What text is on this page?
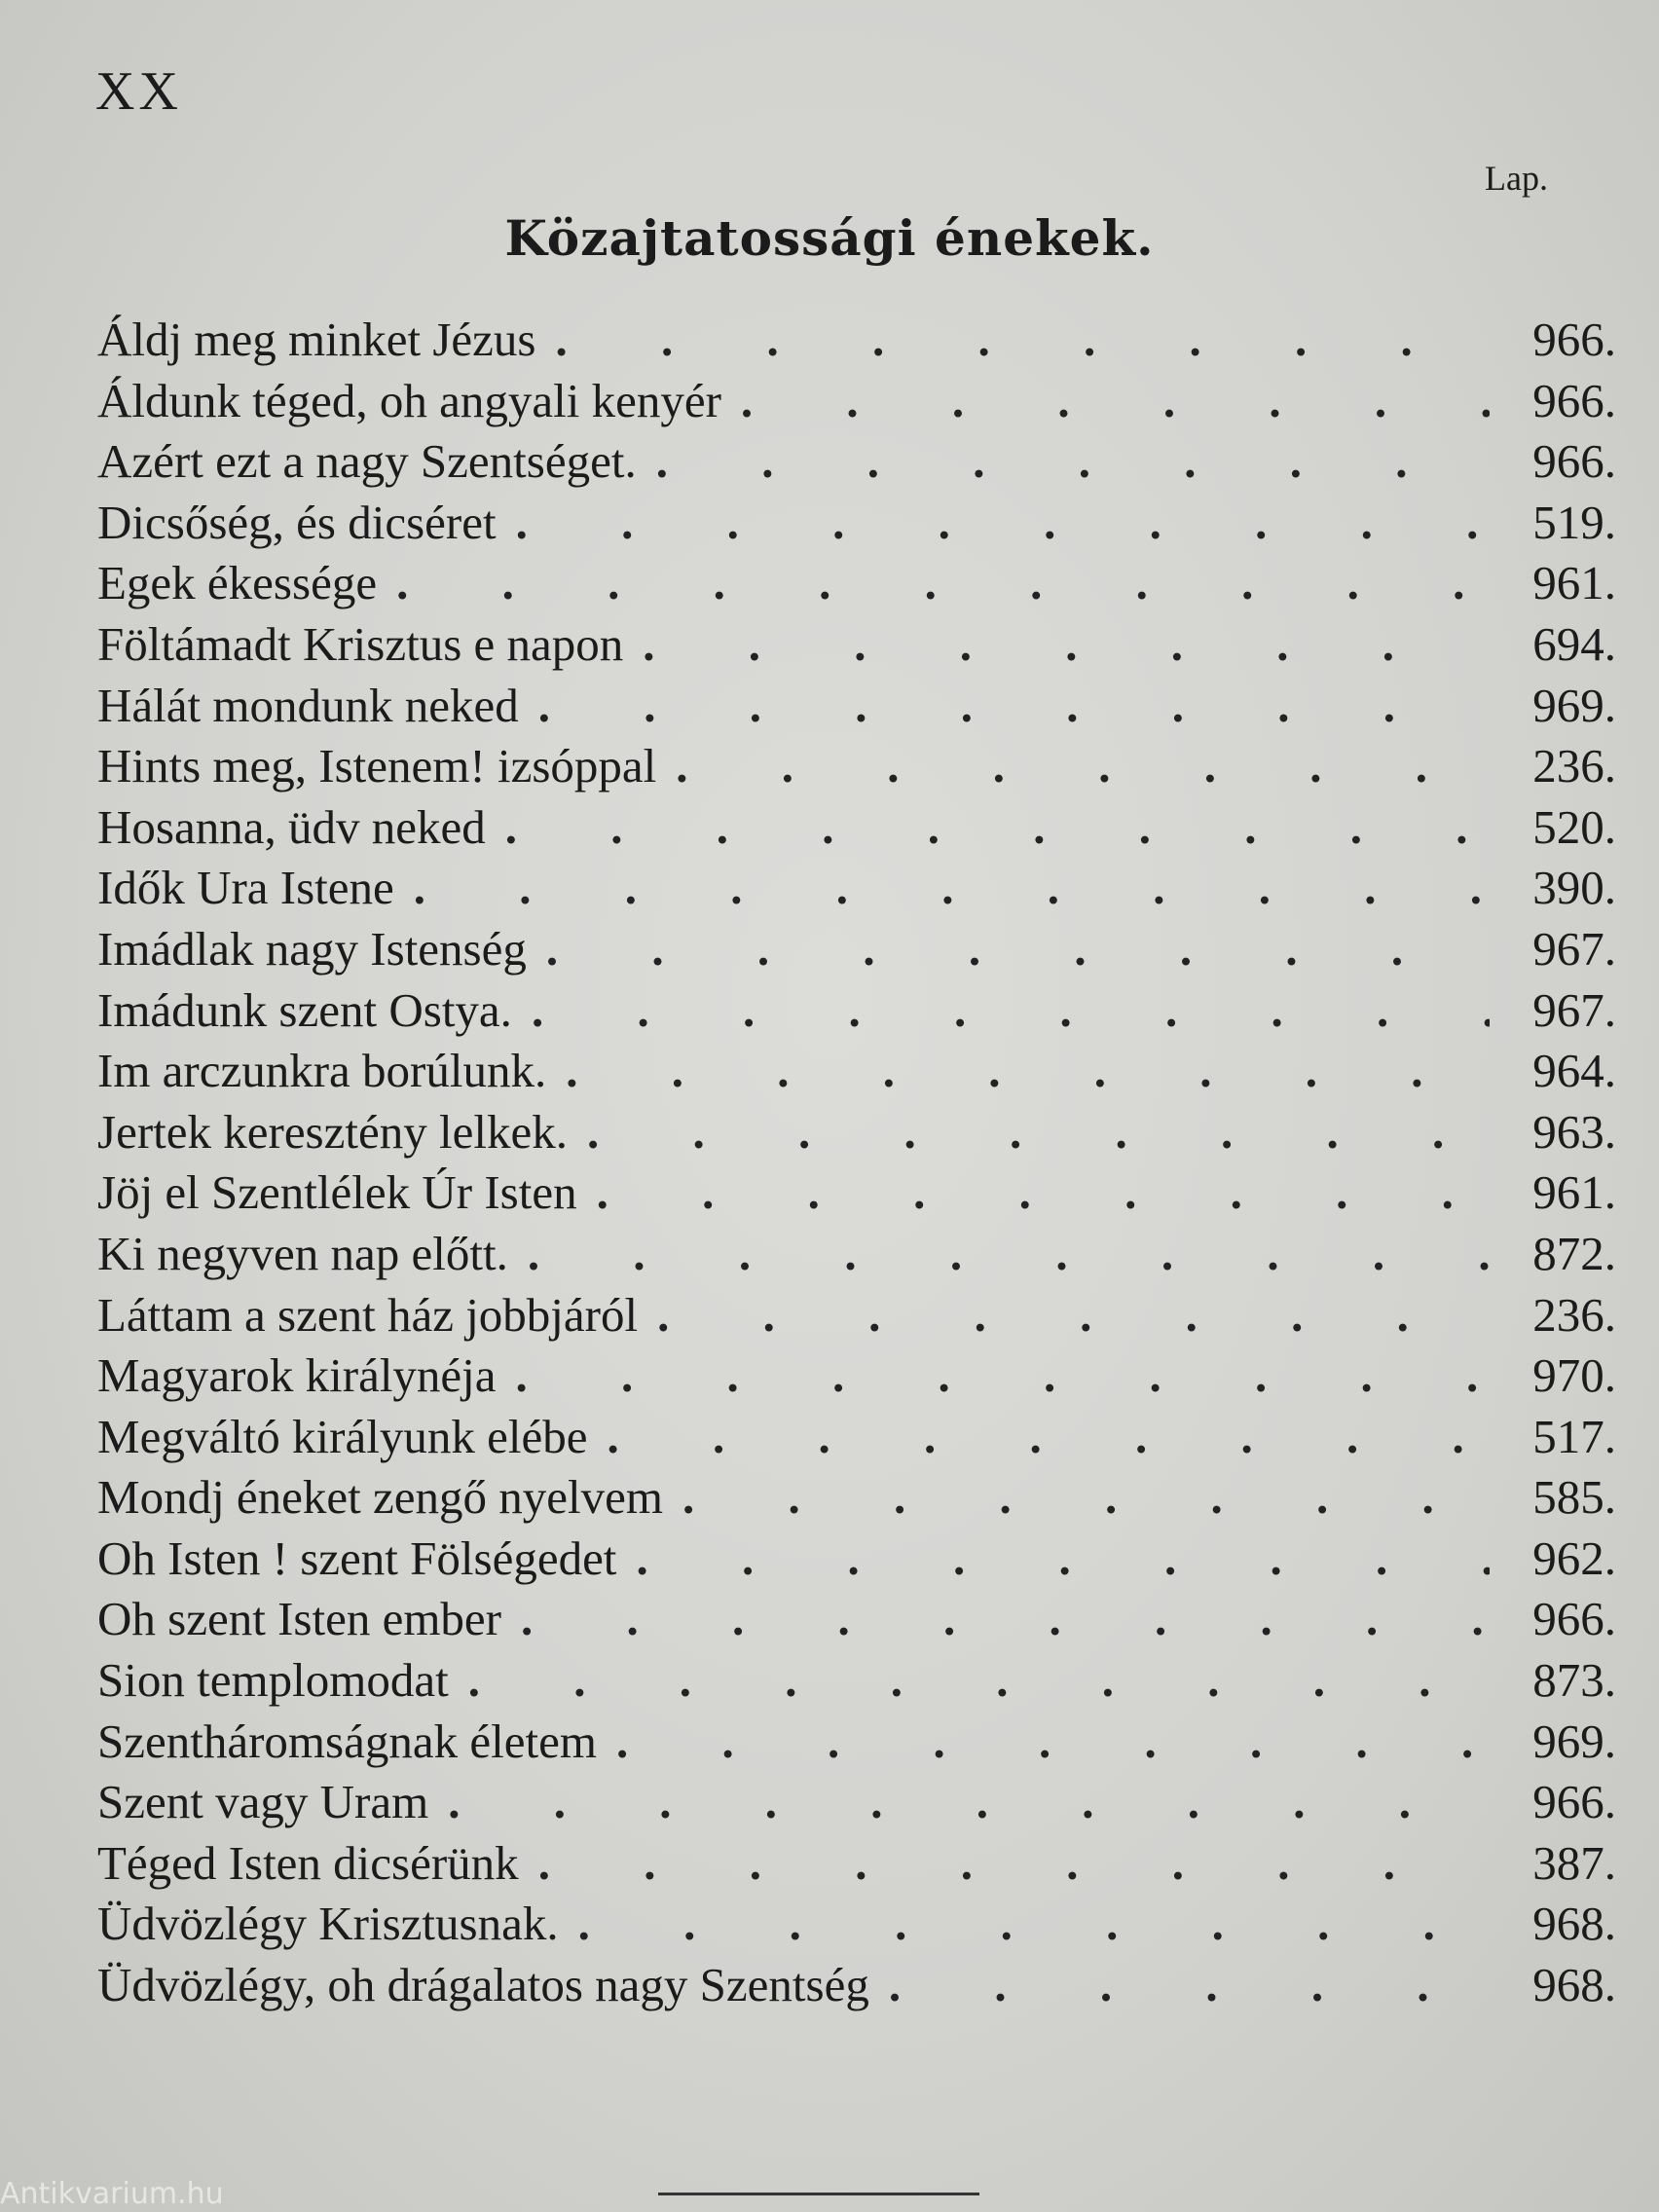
XX
Lap.
Közajtatossági énekek.
Áldj meg minket Jézus . . .	966.
Áldunk téged, oh angyali kenyér . . .	966.
Azért ezt a nagy Szentséget. . . .	966.
Dicsőség, és dicséret . . .	519.
Egek ékessége . . .	961.
Föltámadt Krisztus e napon . . .	694.
Hálát mondunk neked . . .	969.
Hints meg, Istenem! izsóppal . . .	236.
Hosanna, üdv neked . . .	520.
Idők Ura Istene . . .	390.
Imádlak nagy Istenség . . .	967.
Imádunk szent Ostya. . . .	967.
Im arczunkra borúlunk. . . .	964.
Jertek keresztény lelkek. . . .	963.
Jöj el Szentlélek Úr Isten . . .	961.
Ki negyven nap előtt. . . .	872.
Láttam a szent ház jobbjáról . . .	236.
Magyarok királynéja . . .	970.
Megváltó királyunk elébe . . .	517.
Mondj éneket zengő nyelvem . . .	585.
Oh Isten ! szent Fölségedet . . .	962.
Oh szent Isten ember . . .	966.
Sion templomodat . . .	873.
Szentháromságnak életem . . .	969.
Szent vagy Uram . . .	966.
Téged Isten dicsérünk . . .	387.
Üdvözlégy Krisztusnak. . . .	968.
Üdvözlégy, oh drágalatos nagy Szentség . . .	968.
Antikvarium.hu
